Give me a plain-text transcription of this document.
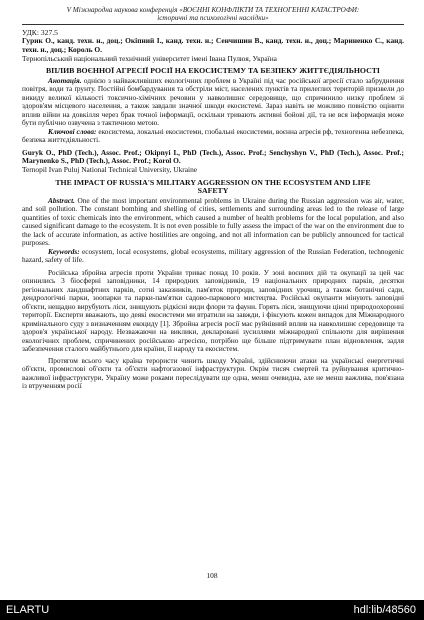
V Міжнародна наукова конференція «ВОЄННІ КОНФЛІКТИ ТА ТЕХНОГЕННІ КАТАСТРОФИ:
історичні та психологічні наслідки»
УДК: 327.5
Гурик О., канд. техн. н., доц.; Окіпний І., канд. техн. н.; Сенчишин В., канд. техн. н., доц.; Мариненко С., канд. техн. н., доц.; Король О.
Тернопільський національний технічний університет імені Івана Пулюя, Україна
ВПЛИВ ВОЄННОЇ АГРЕСІЇ РОСІЇ НА ЕКОСИСТЕМУ ТА БЕЗПЕКУ ЖИТТЄДІЯЛЬНОСТІ
Анотація. однією з найважливіших екологічних проблем в Україні під час російської агресії стало забруднення повітря, води та ґрунту. Постійні бомбардування та обстріли міст, населених пунктів та прилеглих територій призвели до викиду великої кількості токсично-хімічних речовин у навколишнє середовище, що спричинило низку проблем зі здоров'ям місцевого населення, а також завдали значної шкоди екосистемі. Зараз навіть не можливо повністю оцінити вплив війни на довкілля через брак точної інформації, оскільки тривають активні бойові дії, та не вся інформація може бути публічно озвучена з тактичною метою.
Ключові слова: екосистема, локальні екосистеми, глобальні екосистеми, воєнна агресія рф, техногенна небезпека, безпека життєдіяльності.
Guryk O., PhD (Tech.), Assoc. Prof.; Okipnyi I., PhD (Tech.), Assoc. Prof.; Senchyshyn V., PhD (Tech.), Assoc. Prof.; Marynenko S., PhD (Tech.), Assoc. Prof.; Korol O.
Ternopil Ivan Puluj National Technical University, Ukraine
THE IMPACT OF RUSSIA'S MILITARY AGGRESSION ON THE ECOSYSTEM AND LIFE SAFETY
Abstract. One of the most important environmental problems in Ukraine during the Russian aggression was air, water, and soil pollution. The constant bombing and shelling of cities, settlements and surrounding areas led to the release of large quantities of toxic chemicals into the environment, which caused a number of health problems for the local population, and also caused significant damage to the ecosystem. It is not even possible to fully assess the impact of the war on the environment due to the lack of accurate information, as active hostilities are ongoing, and not all information can be publicly announced for tactical purposes.
Keywords: ecosystem, local ecosystems, global ecosystems, military aggression of the Russian Federation, technogenic hazard, safety of life.

Російська збройна агресія проти України триває понад 10 років. У зоні воєнних дій та окупації за цей час опинились 3 біосферні заповідники, 14 природних заповідників, 19 національних природних парків, десятки регіональних ландшафтних парків, сотні заказників, пам'яток природи, заповідних урочищ, а також ботанічні сади, дендрологічні парки, зоопарки та парки-пам'ятки садово-паркового мистецтва. Російські окупанти мінують заповідні об'єкти, нещадно вирубують ліси, знищують рідкісні види флори та фауни. Горять ліси, знищуючи цінні природоохоронні території. Експерти вважають, що деякі екосистеми ми втратили на завжди, і фіксують кожен випадок для Міжнародного кримінального суду з визначенням екоциду [1]. Збройна агресія росії має руйнівний вплив на навколишнє середовище та здоров'я української народу. Незважаючи на виклики, декларовані зусиллями міжнародної спільноти для вирішення екологічних проблем, спричинених російською агресією, потрібно ще більше підтримувати план відновлення, задля забезпечення сталого майбутнього для країни, її народу та екосистем.

Протягом всього часу країна терористи чинить шкоду Україні, здійснюючи атаки на українські енергетичні об'єкти, промислові об'єкти та об'єкти нафтогазової інфраструктури. Окрім тисяч смертей та руйнування критично-важливої інфраструктури, Україну може роками переслідувати ще одна, менш очевидна, але не менш важлива, пов'язана із втрученням росії

108
ELARTU	hdl:lib/48560
